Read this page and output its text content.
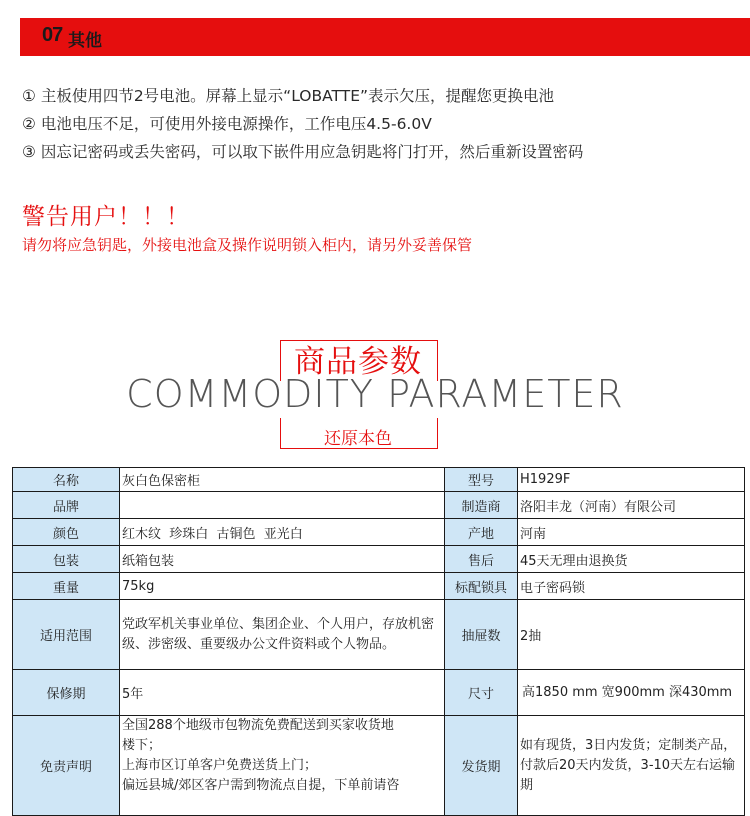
07 其他
① 主板使用四节2号电池。屏幕上显示“LOBATTE”表示欠压，提醒您更换电池
② 电池电压不足，可使用外接电源操作，工作电压4.5-6.0V
③ 因忘记密码或丢失密码，可以取下嵌件用应急钥匙将门打开，然后重新设置密码
警告用户！！！
请勿将应急钥匙，外接电池盒及操作说明锁入柜内，请另外妥善保管
商品参数
COMMODITY PARAMETER
还原本色
名称	灰白色保密柜	型号	H1929F
品牌		制造商	洛阳丰龙（河南）有限公司
颜色	红木纹  珍珠白  古铜色  亚光白	产地	河南
包装	纸箱包装	售后	45天无理由退换货
重量	75kg	标配锁具	电子密码锁
适用范围	党政军机关事业单位、集团企业、个人用户，存放机密级、涉密级、重要级办公文件资料或个人物品。	抽屉数	2抽
保修期	5年	尺寸	高1850 mm 宽900mm 深430mm
免责声明	全国288个地级市包物流免费配送到买家收货地
楼下；
上海市区订单客户免费送货上门；
偏远县城/郊区客户需到物流点自提，下单前请咨	发货期	如有现货，3日内发货；定制类产品，付款后20天内发货，3-10天左右运输期
